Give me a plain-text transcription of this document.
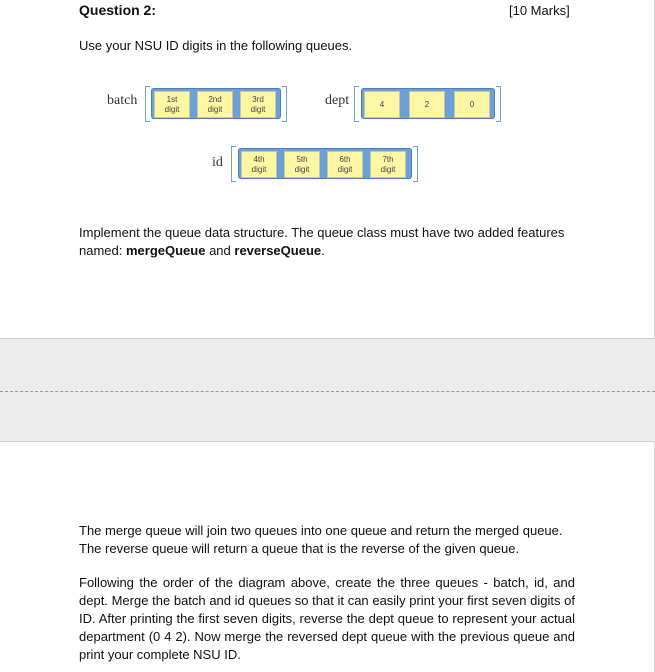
Question 2:	[10 Marks]
Use your NSU ID digits in the following queues.
batch	1st
digit
2nd
digit
3rd
digit
dept	4	2	0
id	4th
digit
5th
digit
6th
digit
7th
digit
Implement the queue data structure. The queue class must have two added features
named: mergeQueue and reverseQueue.
The merge queue will join two queues into one queue and return the merged queue.
The reverse queue will return a queue that is the reverse of the given queue.
Following the order of the diagram above, create the three queues - batch, id, and dept. Merge the batch and id queues so that it can easily print your first seven digits of ID. After printing the first seven digits, reverse the dept queue to represent your actual department (0 4 2). Now merge the reversed dept queue with the previous queue and print your complete NSU ID.
